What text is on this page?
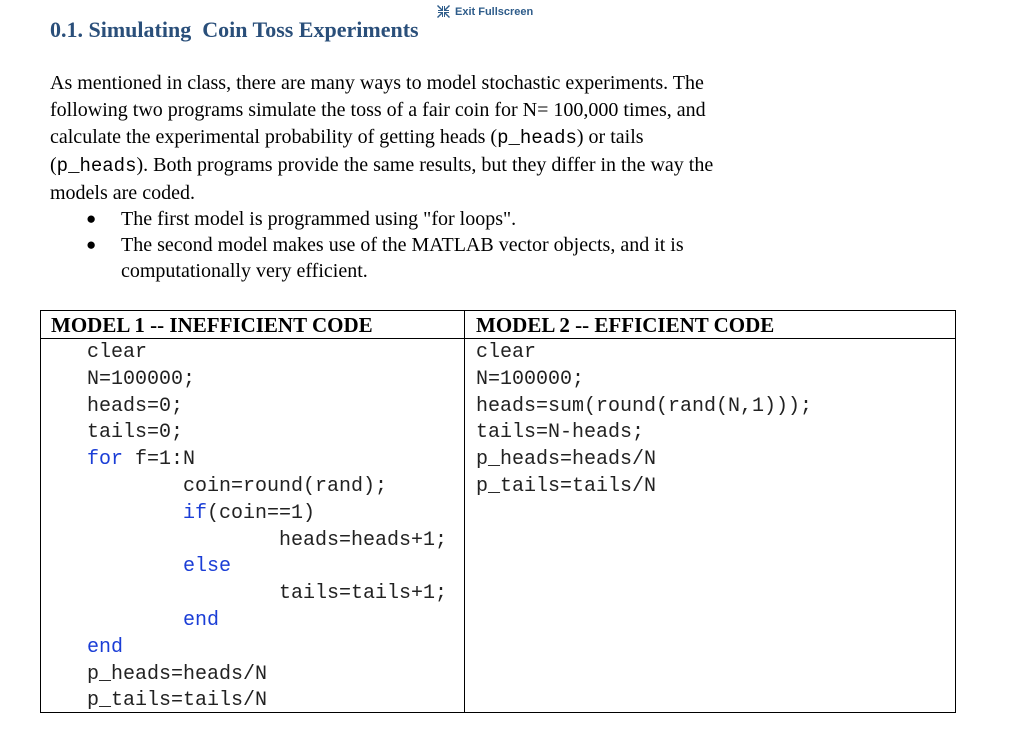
Exit Fullscreen
0.1. Simulating  Coin Toss Experiments
As mentioned in class, there are many ways to model stochastic experiments. The
following two programs simulate the toss of a fair coin for N= 100,000 times, and
calculate the experimental probability of getting heads (p_heads) or tails
(p_heads). Both programs provide the same results, but they differ in the way the
models are coded.
● The first model is programmed using "for loops".
● The second model makes use of the MATLAB vector objects, and it is
computationally very efficient.
MODEL 1 -- INEFFICIENT CODE
clear
N=100000;
heads=0;
tails=0;
for f=1:N
coin=round(rand);
if(coin==1)
heads=heads+1;
else
tails=tails+1;
end
end
p_heads=heads/N
p_tails=tails/N
MODEL 2 -- EFFICIENT CODE
clear
N=100000;
heads=sum(round(rand(N,1)));
tails=N-heads;
p_heads=heads/N
p_tails=tails/N
